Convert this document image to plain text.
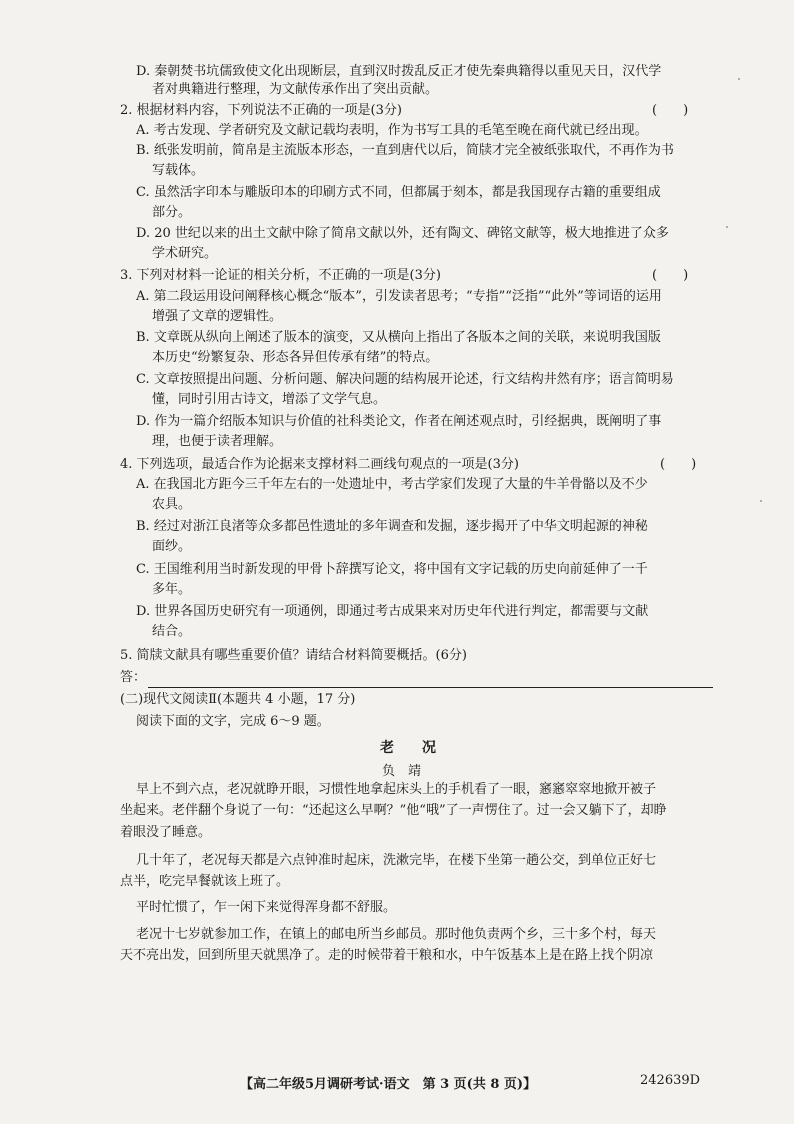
D. 秦朝焚书坑儒致使文化出现断层，直到汉时拨乱反正才使先秦典籍得以重见天日，汉代学
者对典籍进行整理，为文献传承作出了突出贡献。
2. 根据材料内容，下列说法不正确的一项是(3分)	(　　)
A. 考古发现、学者研究及文献记载均表明，作为书写工具的毛笔至晚在商代就已经出现。
B. 纸张发明前，简帛是主流版本形态，一直到唐代以后，简牍才完全被纸张取代，不再作为书
写载体。
C. 虽然活字印本与雕版印本的印刷方式不同，但都属于刻本，都是我国现存古籍的重要组成
部分。
D. 20 世纪以来的出土文献中除了简帛文献以外，还有陶文、碑铭文献等，极大地推进了众多
学术研究。
3. 下列对材料一论证的相关分析，不正确的一项是(3分)	(　　)
A. 第二段运用设问阐释核心概念“版本”，引发读者思考；“专指”“泛指”“此外”等词语的运用
增强了文章的逻辑性。
B. 文章既从纵向上阐述了版本的演变，又从横向上指出了各版本之间的关联，来说明我国版
本历史“纷繁复杂、形态各异但传承有绪”的特点。
C. 文章按照提出问题、分析问题、解决问题的结构展开论述，行文结构井然有序；语言简明易
懂，同时引用古诗文，增添了文学气息。
D. 作为一篇介绍版本知识与价值的社科类论文，作者在阐述观点时，引经据典，既阐明了事
理，也便于读者理解。
4. 下列选项，最适合作为论据来支撑材料二画线句观点的一项是(3分)	(　　)
A. 在我国北方距今三千年左右的一处遗址中，考古学家们发现了大量的牛羊骨骼以及不少
农具。
B. 经过对浙江良渚等众多都邑性遗址的多年调查和发掘，逐步揭开了中华文明起源的神秘
面纱。
C. 王国维利用当时新发现的甲骨卜辞撰写论文，将中国有文字记载的历史向前延伸了一千
多年。
D. 世界各国历史研究有一项通例，即通过考古成果来对历史年代进行判定，都需要与文献
结合。
5. 简牍文献具有哪些重要价值？请结合材料简要概括。(6分)
答：
(二)现代文阅读Ⅱ(本题共 4 小题，17 分)
阅读下面的文字，完成 6～9 题。
老　　况
负　靖
早上不到六点，老况就睁开眼，习惯性地拿起床头上的手机看了一眼，窸窸窣窣地掀开被子
坐起来。老伴翻个身说了一句：“还起这么早啊？”他“哦”了一声愣住了。过一会又躺下了，却睁
着眼没了睡意。
几十年了，老况每天都是六点钟准时起床，洗漱完毕，在楼下坐第一趟公交，到单位正好七
点半，吃完早餐就该上班了。
平时忙惯了，乍一闲下来觉得浑身都不舒服。
老况十七岁就参加工作，在镇上的邮电所当乡邮员。那时他负责两个乡，三十多个村，每天
天不亮出发，回到所里天就黑净了。走的时候带着干粮和水，中午饭基本上是在路上找个阴凉
【高二年级5月调研考试·语文　第 3 页(共 8 页)】	242639D
